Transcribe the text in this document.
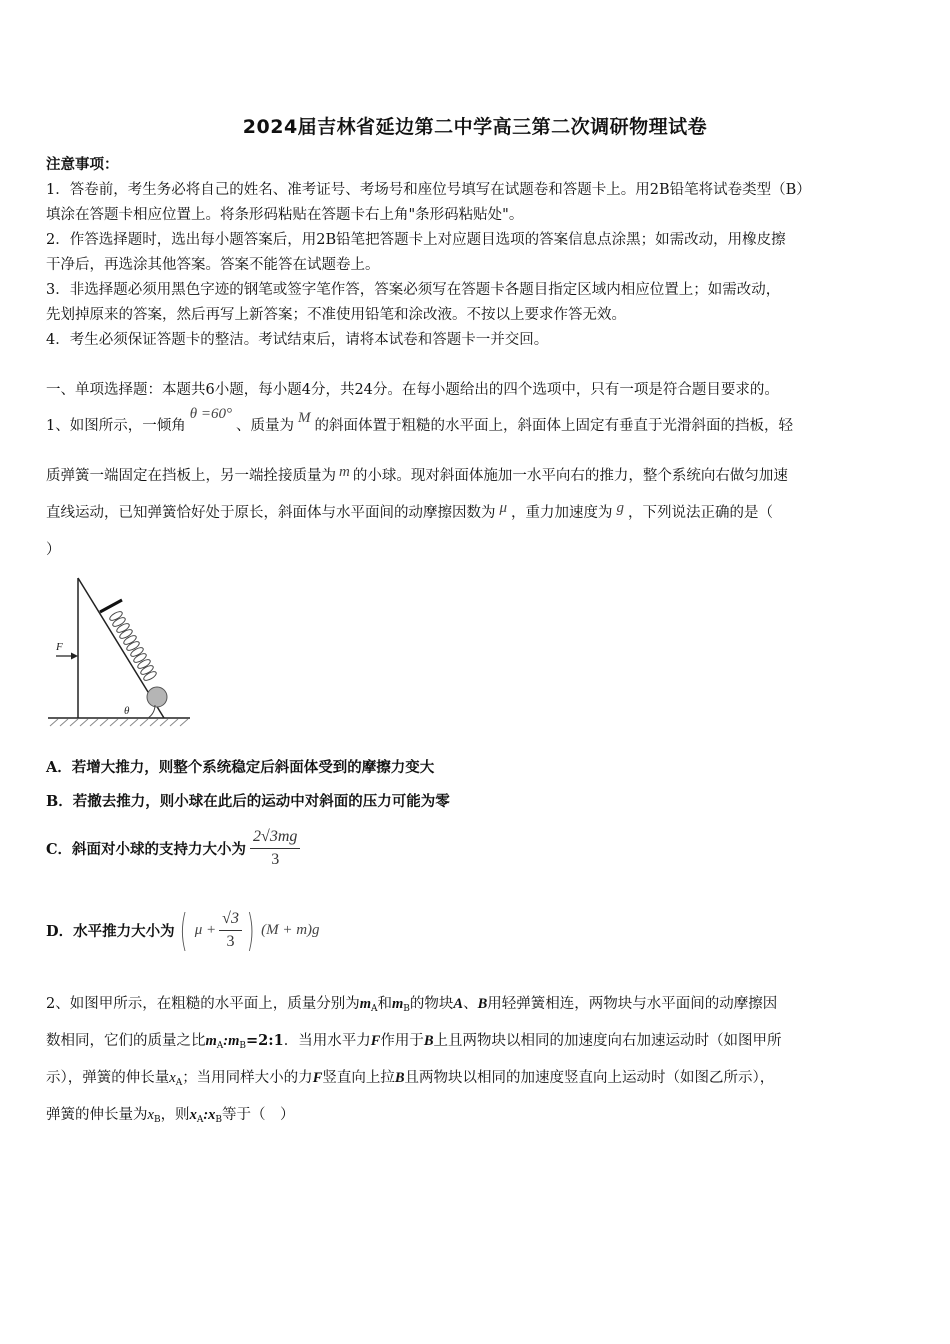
2024届吉林省延边第二中学高三第二次调研物理试卷
注意事项：
1．答卷前，考生务必将自己的姓名、准考证号、考场号和座位号填写在试题卷和答题卡上。用2B铅笔将试卷类型（B）
填涂在答题卡相应位置上。将条形码粘贴在答题卡右上角"条形码粘贴处"。
2．作答选择题时，选出每小题答案后，用2B铅笔把答题卡上对应题目选项的答案信息点涂黑；如需改动，用橡皮擦
干净后，再选涂其他答案。答案不能答在试题卷上。
3．非选择题必须用黑色字迹的钢笔或签字笔作答，答案必须写在答题卡各题目指定区域内相应位置上；如需改动，
先划掉原来的答案，然后再写上新答案；不准使用铅笔和涂改液。不按以上要求作答无效。
4．考生必须保证答题卡的整洁。考试结束后，请将本试卷和答题卡一并交回。
一、单项选择题：本题共6小题，每小题4分，共24分。在每小题给出的四个选项中，只有一项是符合题目要求的。
1、如图所示，一倾角θ =60°、质量为 M 的斜面体置于粗糙的水平面上，斜面体上固定有垂直于光滑斜面的挡板，轻
质弹簧一端固定在挡板上，另一端拴接质量为 m 的小球。现对斜面体施加一水平向右的推力，整个系统向右做匀加速
直线运动，已知弹簧恰好处于原长，斜面体与水平面间的动摩擦因数为 μ ，重力加速度为 g ，下列说法正确的是（
）
F
θ
A．若增大推力，则整个系统稳定后斜面体受到的摩擦力变大
B．若撤去推力，则小球在此后的运动中对斜面的压力可能为零
C．斜面对小球的支持力大小为 $\frac{2√3mg}{3}$
D．水平推力大小为 ( $\mu + \frac{√3}{3}$ ) (M + m)g
2、如图甲所示，在粗糙的水平面上，质量分别为$m_A$和$m_B$的物块A、B用轻弹簧相连，两物块与水平面间的动摩擦因
数相同，它们的质量之比$m_A:m_B=2:1$．当用水平力F作用于B上且两物块以相同的加速度向右加速运动时（如图甲所
示），弹簧的伸长量$x_A$；当用同样大小的力F竖直向上拉B且两物块以相同的加速度竖直向上运动时（如图乙所示），
弹簧的伸长量为$x_B$，则$x_A:x_B$等于（　）
